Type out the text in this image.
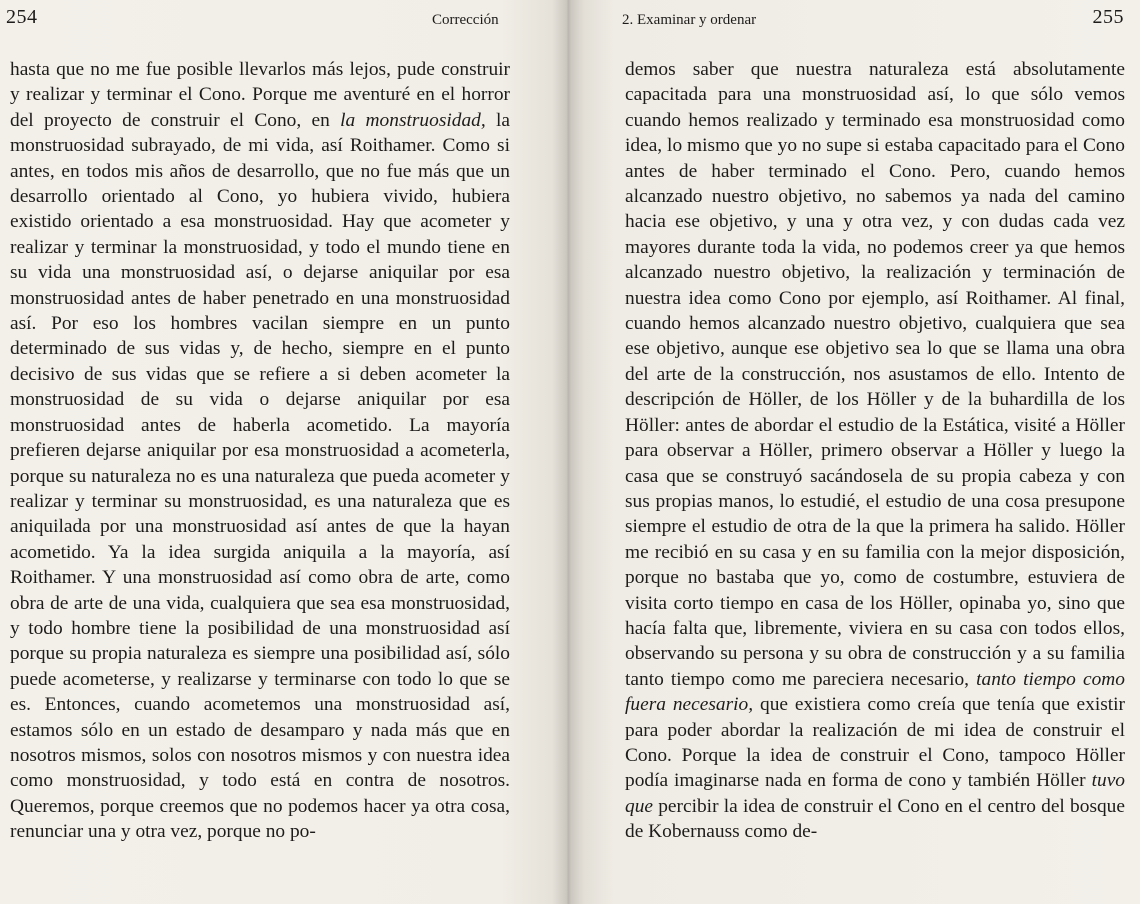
254	Corrección

hasta que no me fue posible llevarlos más lejos, pude construir y realizar y terminar el Cono. Porque me aventuré en el horror del proyecto de construir el Cono, en la monstruosidad, la monstruosidad subrayado, de mi vida, así Roithamer. Como si antes, en todos mis años de desarrollo, que no fue más que un desarrollo orientado al Cono, yo hubiera vivido, hubiera existido orientado a esa monstruosidad. Hay que acometer y realizar y terminar la monstruosidad, y todo el mundo tiene en su vida una monstruosidad así, o dejarse aniquilar por esa monstruosidad antes de haber penetrado en una monstruosidad así. Por eso los hombres vacilan siempre en un punto determinado de sus vidas y, de hecho, siempre en el punto decisivo de sus vidas que se refiere a si deben acometer la monstruosidad de su vida o dejarse aniquilar por esa monstruosidad antes de haberla acometido. La mayoría prefieren dejarse aniquilar por esa monstruosidad a acometerla, porque su naturaleza no es una naturaleza que pueda acometer y realizar y terminar su monstruosidad, es una naturaleza que es aniquilada por una monstruosidad así antes de que la hayan acometido. Ya la idea surgida aniquila a la mayoría, así Roithamer. Y una monstruosidad así como obra de arte, como obra de arte de una vida, cualquiera que sea esa monstruosidad, y todo hombre tiene la posibilidad de una monstruosidad así porque su propia naturaleza es siempre una posibilidad así, sólo puede acometerse, y realizarse y terminarse con todo lo que se es. Entonces, cuando acometemos una monstruosidad así, estamos sólo en un estado de desamparo y nada más que en nosotros mismos, solos con nosotros mismos y con nuestra idea como monstruosidad, y todo está en contra de nosotros. Queremos, porque creemos que no podemos hacer ya otra cosa, renunciar una y otra vez, porque no po-

2. Examinar y ordenar	255

demos saber que nuestra naturaleza está absolutamente capacitada para una monstruosidad así, lo que sólo vemos cuando hemos realizado y terminado esa monstruosidad como idea, lo mismo que yo no supe si estaba capacitado para el Cono antes de haber terminado el Cono. Pero, cuando hemos alcanzado nuestro objetivo, no sabemos ya nada del camino hacia ese objetivo, y una y otra vez, y con dudas cada vez mayores durante toda la vida, no podemos creer ya que hemos alcanzado nuestro objetivo, la realización y terminación de nuestra idea como Cono por ejemplo, así Roithamer. Al final, cuando hemos alcanzado nuestro objetivo, cualquiera que sea ese objetivo, aunque ese objetivo sea lo que se llama una obra del arte de la construcción, nos asustamos de ello. Intento de descripción de Höller, de los Höller y de la buhardilla de los Höller: antes de abordar el estudio de la Estática, visité a Höller para observar a Höller, primero observar a Höller y luego la casa que se construyó sacándosela de su propia cabeza y con sus propias manos, lo estudié, el estudio de una cosa presupone siempre el estudio de otra de la que la primera ha salido. Höller me recibió en su casa y en su familia con la mejor disposición, porque no bastaba que yo, como de costumbre, estuviera de visita corto tiempo en casa de los Höller, opinaba yo, sino que hacía falta que, libremente, viviera en su casa con todos ellos, observando su persona y su obra de construcción y a su familia tanto tiempo como me pareciera necesario, tanto tiempo como fuera necesario, que existiera como creía que tenía que existir para poder abordar la realización de mi idea de construir el Cono. Porque la idea de construir el Cono, tampoco Höller podía imaginarse nada en forma de cono y también Höller tuvo que percibir la idea de construir el Cono en el centro del bosque de Kobernauss como de-
